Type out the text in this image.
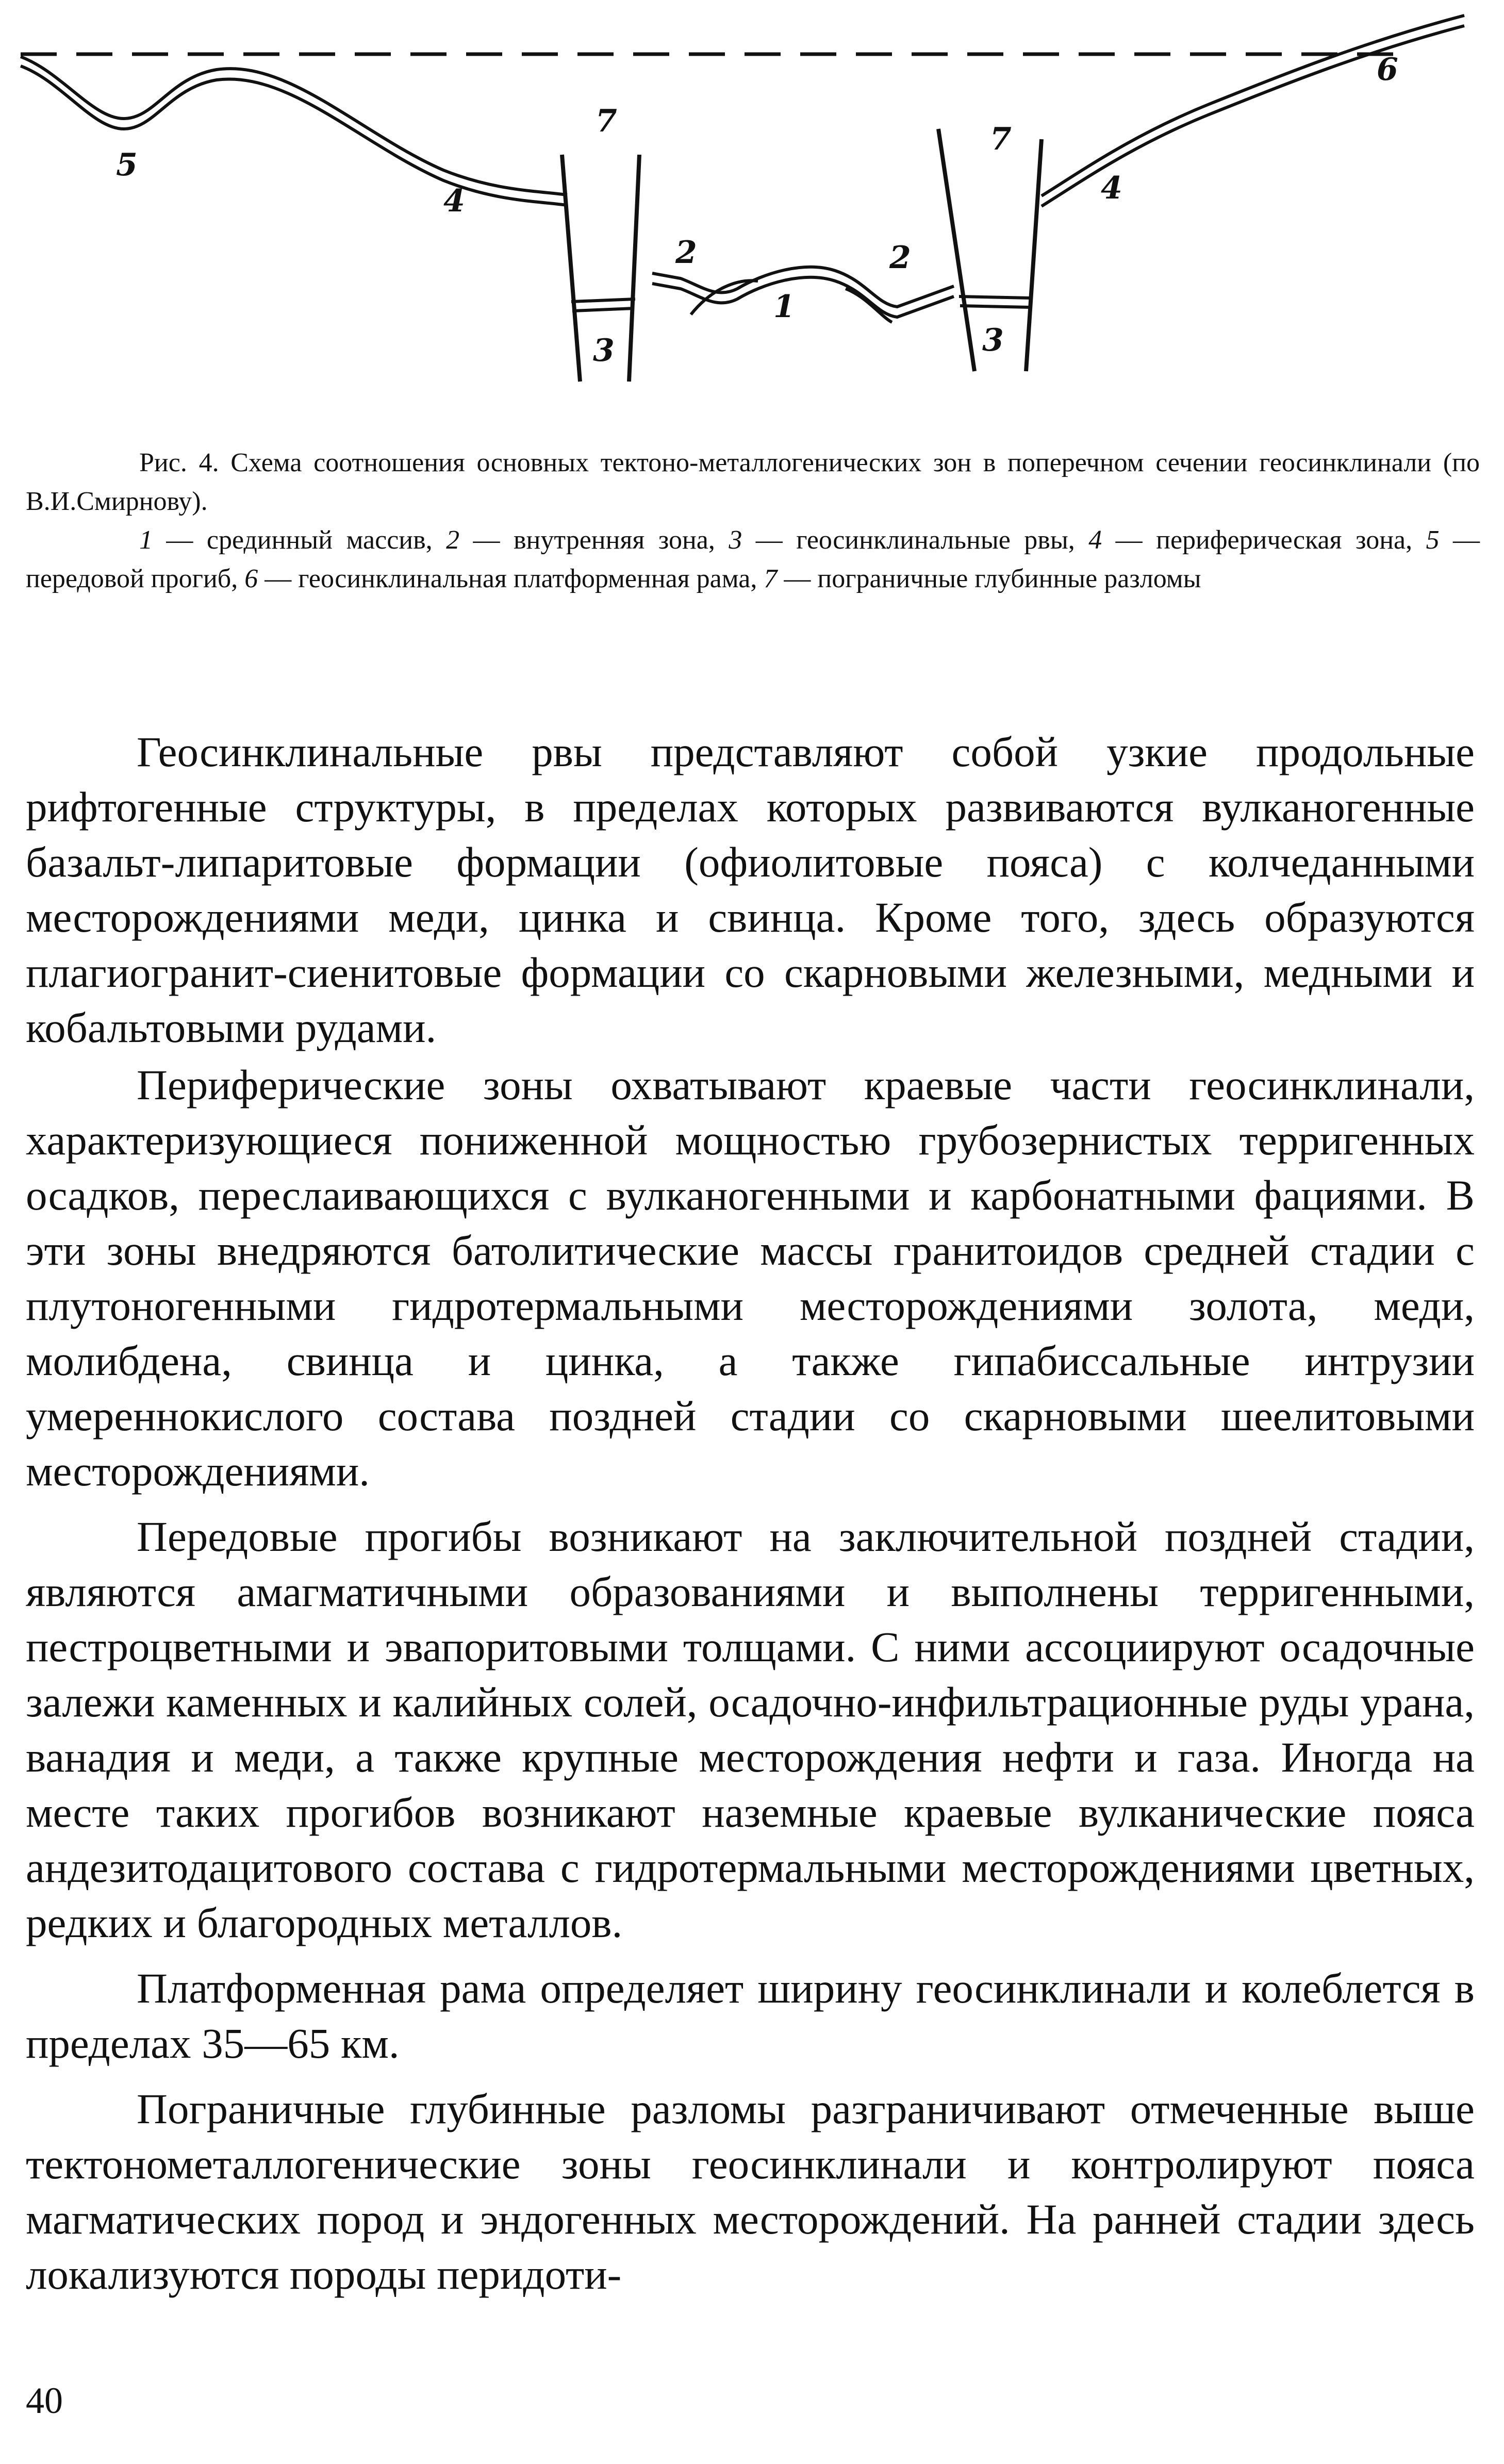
5
4
7
2
1
2
3	3
7
4
6

Рис. 4. Схема соотношения основных тектоно-металлогенических зон в поперечном сечении геосинклинали (по В.И.Смирнову).

1 — срединный массив, 2 — внутренняя зона, 3 — геосинклинальные рвы, 4 — периферическая зона, 5 — передовой прогиб, 6 — геосинклинальная платформенная рама, 7 — пограничные глубинные разломы

Геосинклинальные рвы представляют собой узкие продольные рифтогенные структуры, в пределах которых развиваются вулканогенные базальт-липаритовые формации (офиолитовые пояса) с колчеданными месторождениями меди, цинка и свинца. Кроме того, здесь образуются плагиогранит-сиенитовые формации со скарновыми железными, медными и кобальтовыми рудами.

Периферические зоны охватывают краевые части геосинклинали, характеризующиеся пониженной мощностью грубозернистых терригенных осадков, переслаивающихся с вулканогенными и карбонатными фациями. В эти зоны внедряются батолитические массы гранитоидов средней стадии с плутоногенными гидротермальными месторождениями золота, меди, молибдена, свинца и цинка, а также гипабиссальные интрузии умереннокислого состава поздней стадии со скарновыми шеелитовыми месторождениями.

Передовые прогибы возникают на заключительной поздней стадии, являются амагматичными образованиями и выполнены терригенными, пестроцветными и эвапоритовыми толщами. С ними ассоциируют осадочные залежи каменных и калийных солей, осадочно-инфильтрационные руды урана, ванадия и меди, а также крупные месторождения нефти и газа. Иногда на месте таких прогибов возникают наземные краевые вулканические пояса андезитодацитового состава с гидротермальными месторождениями цветных, редких и благородных металлов.

Платформенная рама определяет ширину геосинклинали и колеблется в пределах 35—65 км.

Пограничные глубинные разломы разграничивают отмеченные выше тектонометаллогенические зоны геосинклинали и контролируют пояса магматических пород и эндогенных месторождений. На ранней стадии здесь локализуются породы перидоти-

40
